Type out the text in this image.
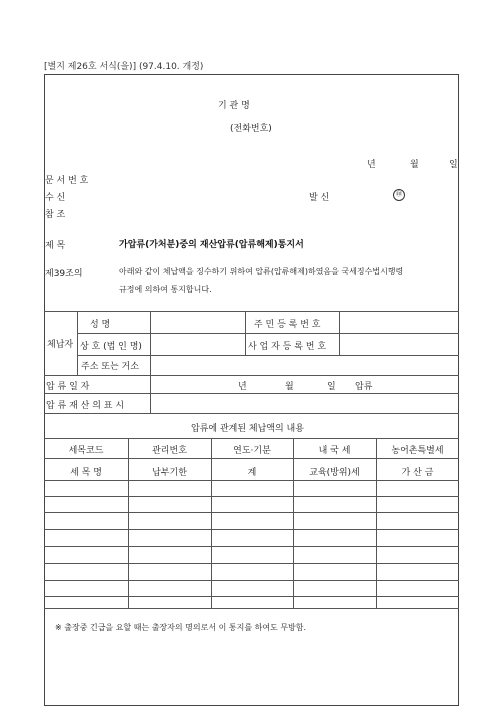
[별지 제26호 서식(을)] (97.4.10. 개정)
기 관 명
(전화번호)
년	월	일
문 서 번 호
수 신	발 신	㊞
참 조
제 목	가압류(가처분)중의 재산압류(압류해제)통지서
제39조의	아래와 같이 체납액을 징수하기 위하여 압류(압류해제)하였음을 국세징수법시행령
규정에 의하여 통지합니다.
체납자
성 명	주 민 등 록 번 호
상 호 (법 인 명)	사 업 자 등 록 번 호
주소 또는 거소
압 류 일 자	년	월	일 압류
압 류 재 산 의 표 시
압류에 관계된 체납액의 내용
세목코드	관리번호	연도·기분	내 국 세	농어촌특별세
세 목 명	납부기한	계	교육(방위)세	가 산 금
※ 출장중 긴급을 요할 때는 출장자의 명의로서 이 통지를 하여도 무방함.
